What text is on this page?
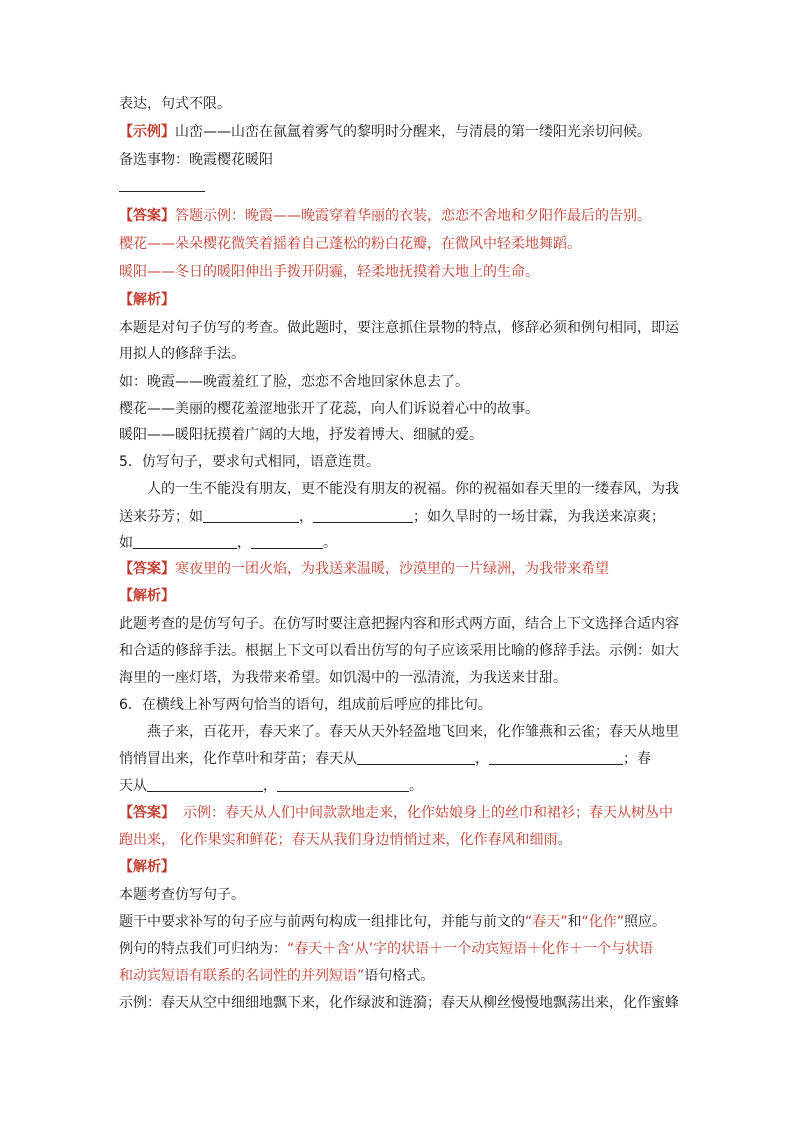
表达，句式不限。
【示例】山峦——山峦在氤氲着雾气的黎明时分醒来，与清晨的第一缕阳光亲切问候。
备选事物：晚霞樱花暖阳
【答案】答题示例：晚霞——晚霞穿着华丽的衣装，恋恋不舍地和夕阳作最后的告别。
樱花——朵朵樱花微笑着摇着自己蓬松的粉白花瓣，在微风中轻柔地舞蹈。
暖阳——冬日的暖阳伸出手拨开阴霾，轻柔地抚摸着大地上的生命。
【解析】
本题是对句子仿写的考查。做此题时，要注意抓住景物的特点，修辞必须和例句相同，即运
用拟人的修辞手法。
如：晚霞——晚霞羞红了脸，恋恋不舍地回家休息去了。
樱花——美丽的樱花羞涩地张开了花蕊，向人们诉说着心中的故事。
暖阳——暖阳抚摸着广阔的大地，抒发着博大、细腻的爱。
5．仿写句子，要求句式相同，语意连贯。
人的一生不能没有朋友，更不能没有朋友的祝福。你的祝福如春天里的一缕春风，为我
送来芬芳；如	，	；如久旱时的一场甘霖，为我送来凉爽；
如	，	。
【答案】寒夜里的一团火焰，为我送来温暖，沙漠里的一片绿洲，为我带来希望
【解析】
此题考查的是仿写句子。在仿写时要注意把握内容和形式两方面，结合上下文选择合适内容
和合适的修辞手法。根据上下文可以看出仿写的句子应该采用比喻的修辞手法。示例：如大
海里的一座灯塔，为我带来希望。如饥渴中的一泓清流，为我送来甘甜。
6．在横线上补写两句恰当的语句，组成前后呼应的排比句。
燕子来，百花开，春天来了。春天从天外轻盈地飞回来，化作雏燕和云雀；春天从地里
悄悄冒出来，化作草叶和芽苗；春天从	，	；春
天从	，	。
【答案】 示例：春天从人们中间款款地走来，化作姑娘身上的丝巾和裙衫；春天从树丛中
跑出来， 化作果实和鲜花；春天从我们身边悄悄过来，化作春风和细雨。
【解析】
本题考查仿写句子。
题干中要求补写的句子应与前两句构成一组排比句，并能与前文的“春天”和“化作”照应。
例句的特点我们可归纳为：“春天＋含‘从’字的状语＋一个动宾短语＋化作＋一个与状语
和动宾短语有联系的名词性的并列短语”语句格式。
示例：春天从空中细细地飘下来，化作绿波和涟漪；春天从柳丝慢慢地飘荡出来，化作蜜蜂
